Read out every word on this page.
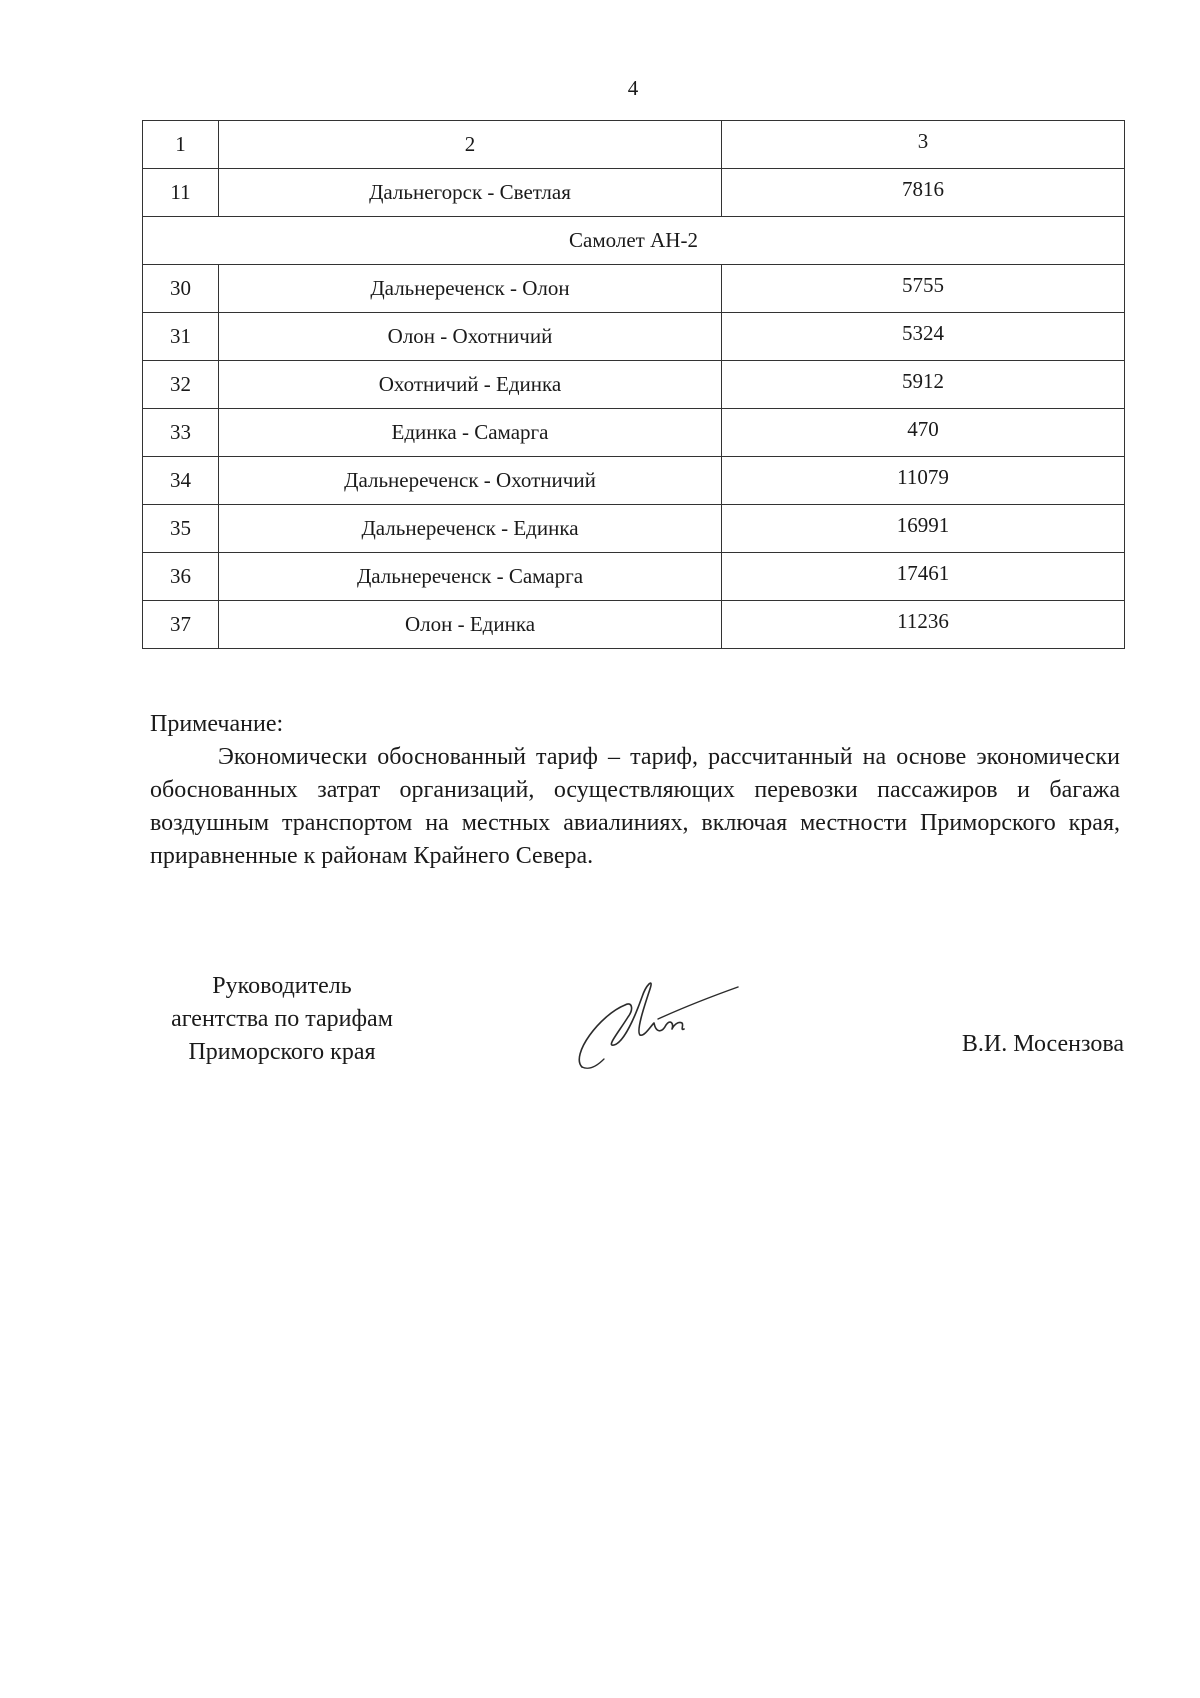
4
1	2	3
11	Дальнегорск - Светлая	7816
Самолет АН-2		
30	Дальнереченск - Олон	5755
31	Олон - Охотничий	5324
32	Охотничий - Единка	5912
33	Единка - Самарга	470
34	Дальнереченск - Охотничий	11079
35	Дальнереченск - Единка	16991
36	Дальнереченск - Самарга	17461
37	Олон - Единка	11236

Примечание:

Экономически обоснованный тариф – тариф, рассчитанный на основе экономически обоснованных затрат организаций, осуществляющих перевозки пассажиров и багажа воздушным транспортом на местных авиалиниях, включая местности Приморского края, приравненные к районам Крайнего Севера.

Руководитель
агентства по тарифам
Приморского края	В.И. Мосензова
